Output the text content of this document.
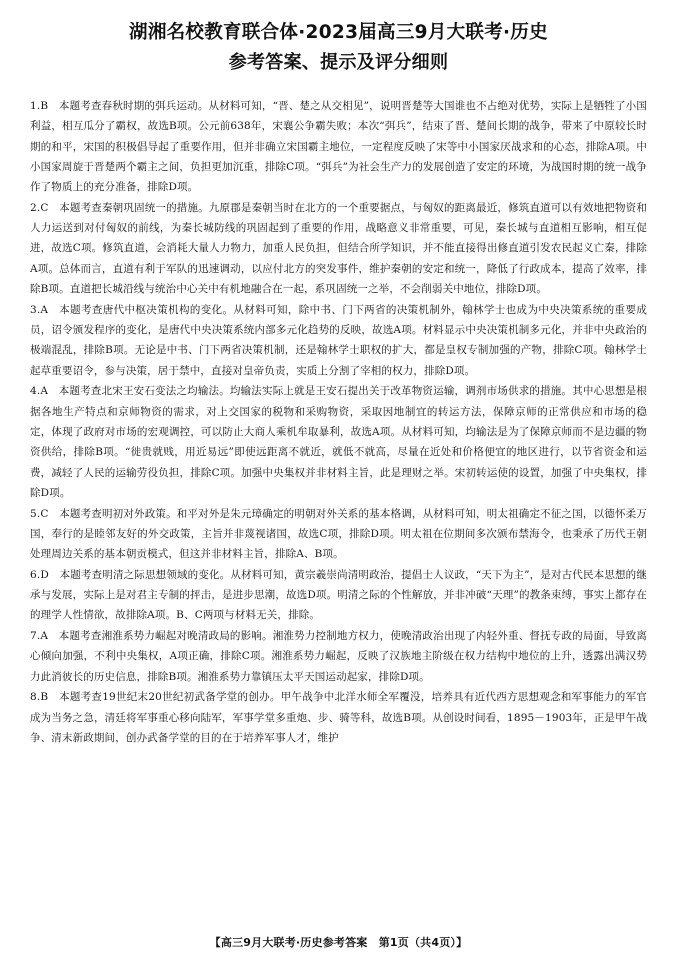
湖湘名校教育联合体·2023届高三9月大联考·历史
参考答案、提示及评分细则

1.B　本题考查春秋时期的弭兵运动。从材料可知，“晋、楚之从交相见”，说明晋楚等大国谁也不占绝对优势，实际上是牺牲了小国利益，相互瓜分了霸权，故选B项。公元前638年，宋襄公争霸失败；本次“弭兵”，结束了晋、楚间长期的战争，带来了中原较长时期的和平，宋国的积极倡导起了重要作用，但并非确立宋国霸主地位，一定程度反映了宋等中小国家厌战求和的心态，排除A项。中小国家周旋于晋楚两个霸主之间，负担更加沉重，排除C项。“弭兵”为社会生产力的发展创造了安定的环境，为战国时期的统一战争作了物质上的充分准备，排除D项。

2.C　本题考查秦朝巩固统一的措施。九原郡是秦朝当时在北方的一个重要据点，与匈奴的距离最近，修筑直道可以有效地把物资和人力运送到对付匈奴的前线，为秦长城防线的巩固起到了重要的作用，战略意义非常重要，可见，秦长城与直道相互影响，相互促进，故选C项。修筑直道，会消耗大量人力物力，加重人民负担，但结合所学知识，并不能直接得出修直道引发农民起义亡秦，排除A项。总体而言，直道有利于军队的迅速调动，以应付北方的突发事件，维护秦朝的安定和统一，降低了行政成本，提高了效率，排除B项。直道把长城沿线与统治中心关中有机地融合在一起，系巩固统一之举，不会削弱关中地位，排除D项。

3.A　本题考查唐代中枢决策机构的变化。从材料可知，除中书、门下两省的决策机制外，翰林学士也成为中央决策系统的重要成员，诏令颁发程序的变化，是唐代中央决策系统内部多元化趋势的反映，故选A项。材料显示中央决策机制多元化，并非中央政治的极端混乱，排除B项。无论是中书、门下两省决策机制，还是翰林学士职权的扩大，都是皇权专制加强的产物，排除C项。翰林学士起草重要诏令，参与决策，居于禁中，直接对皇帝负责，实质上分割了宰相的权力，排除D项。

4.A　本题考查北宋王安石变法之均输法。均输法实际上就是王安石提出关于改革物资运输，调剂市场供求的措施。其中心思想是根据各地生产特点和京师物资的需求，对上交国家的税物和采购物资，采取因地制宜的转运方法，保障京师的正常供应和市场的稳定，体现了政府对市场的宏观调控，可以防止大商人乘机牟取暴利，故选A项。从材料可知，均输法是为了保障京师而不是边疆的物资供给，排除B项。“徙贵就贱，用近易远”即使远距离不就近，就低不就高，尽量在近处和价格便宜的地区进行，以节省资金和运费，减轻了人民的运输劳役负担，排除C项。加强中央集权并非材料主旨，此是理财之举。宋初转运使的设置，加强了中央集权，排除D项。

5.C　本题考查明初对外政策。和平对外是朱元璋确定的明朝对外关系的基本格调，从材料可知，明太祖确定不征之国，以德怀柔万国，奉行的是睦邻友好的外交政策，主旨并非蔑视诸国，故选C项，排除D项。明太祖在位期间多次颁布禁海令，也秉承了历代王朝处理周边关系的基本朝贡模式，但这并非材料主旨，排除A、B项。

6.D　本题考查明清之际思想领域的变化。从材料可知，黄宗羲崇尚清明政治，提倡士人议政，“天下为主”，是对古代民本思想的继承与发展，实际上是对君主专制的抨击，是进步思潮，故选D项。明清之际的个性解放，并非冲破“天理”的教条束缚，事实上都存在的理学人性情欲，故排除A项。B、C两项与材料无关，排除。

7.A　本题考查湘淮系势力崛起对晚清政局的影响。湘淮势力控制地方权力，使晚清政治出现了内轻外重、督抚专政的局面，导致离心倾向加强，不利中央集权，A项正确，排除C项。湘淮系势力崛起，反映了汉族地主阶级在权力结构中地位的上升，透露出满汉势力此消彼长的历史信息，排除B项。湘淮系势力靠镇压太平天国运动起家，排除D项。

8.B　本题考查19世纪末20世纪初武备学堂的创办。甲午战争中北洋水师全军覆没，培养具有近代西方思想观念和军事能力的军官成为当务之急，清廷将军事重心移向陆军，军事学堂多重炮、步、骑等科，故选B项。从创设时间看，1895－1903年，正是甲午战争、清末新政期间，创办武备学堂的目的在于培养军事人才，维护

【高三9月大联考·历史参考答案　第1页（共4页）】
